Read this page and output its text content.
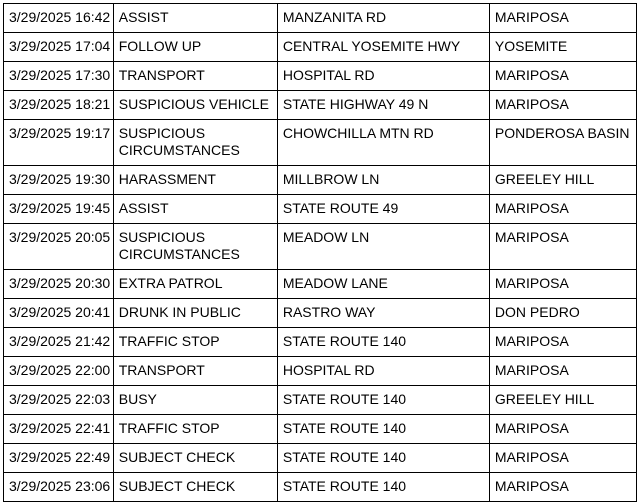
3/29/2025 16:42	ASSIST	MANZANITA RD	MARIPOSA
3/29/2025 17:04	FOLLOW UP	CENTRAL YOSEMITE HWY	YOSEMITE
3/29/2025 17:30	TRANSPORT	HOSPITAL RD	MARIPOSA
3/29/2025 18:21	SUSPICIOUS VEHICLE	STATE HIGHWAY 49 N	MARIPOSA
3/29/2025 19:17	SUSPICIOUS CIRCUMSTANCES	CHOWCHILLA MTN RD	PONDEROSA BASIN
3/29/2025 19:30	HARASSMENT	MILLBROW LN	GREELEY HILL
3/29/2025 19:45	ASSIST	STATE ROUTE 49	MARIPOSA
3/29/2025 20:05	SUSPICIOUS CIRCUMSTANCES	MEADOW LN	MARIPOSA
3/29/2025 20:30	EXTRA PATROL	MEADOW LANE	MARIPOSA
3/29/2025 20:41	DRUNK IN PUBLIC	RASTRO WAY	DON PEDRO
3/29/2025 21:42	TRAFFIC STOP	STATE ROUTE 140	MARIPOSA
3/29/2025 22:00	TRANSPORT	HOSPITAL RD	MARIPOSA
3/29/2025 22:03	BUSY	STATE ROUTE 140	GREELEY HILL
3/29/2025 22:41	TRAFFIC STOP	STATE ROUTE 140	MARIPOSA
3/29/2025 22:49	SUBJECT CHECK	STATE ROUTE 140	MARIPOSA
3/29/2025 23:06	SUBJECT CHECK	STATE ROUTE 140	MARIPOSA
